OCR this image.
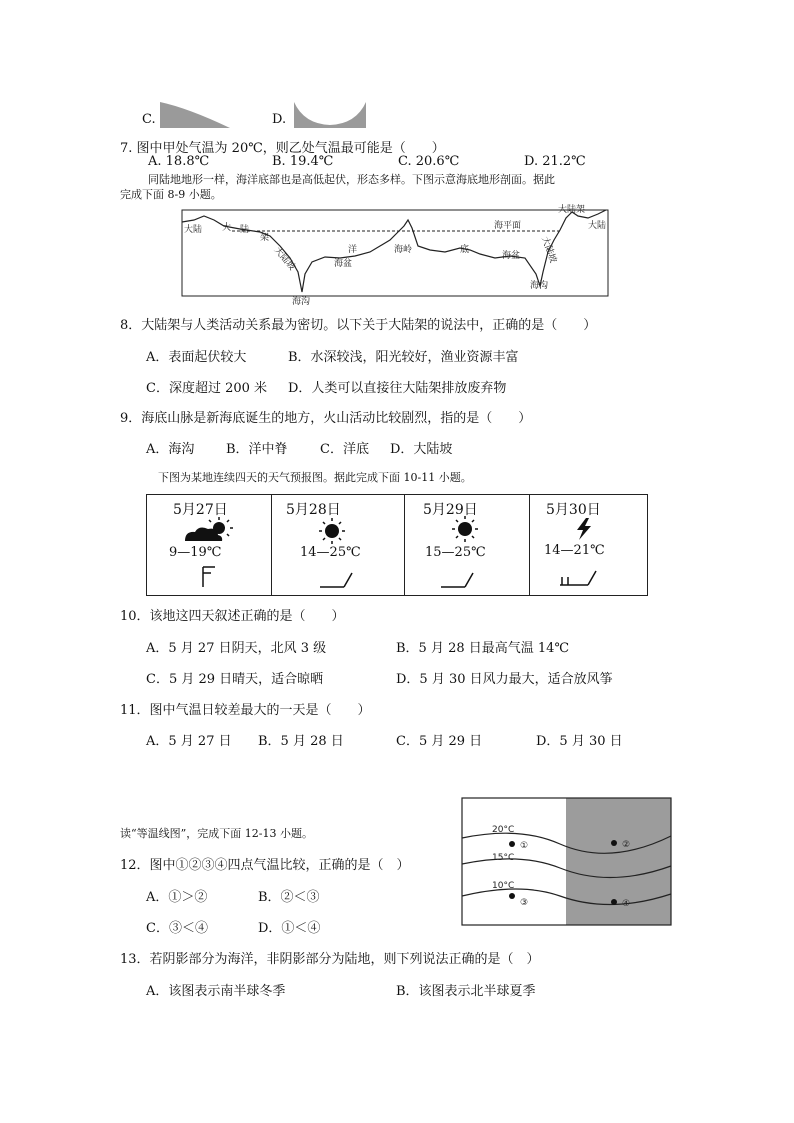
C.	D.
7. 图中甲处气温为 20℃，则乙处气温最可能是（　　）
A. 18.8℃	B. 19.4℃	C. 20.6℃	D. 21.2℃
同陆地地形一样，海洋底部也是高低起伏，形态多样。下图示意海底地形剖面。据此
完成下面 8-9 小题。
大陆 大 陆
架
大陆坡
海沟
洋
海盆
海岭	底
海平面
海盆
大陆架
大陆坡
大陆
海沟
8．大陆架与人类活动关系最为密切。以下关于大陆架的说法中，正确的是（　　）
A．表面起伏较大	B．水深较浅，阳光较好，渔业资源丰富
C．深度超过 200 米 D．人类可以直接往大陆架排放废弃物
9．海底山脉是新海底诞生的地方，火山活动比较剧烈，指的是（　　）
A．海沟 B．洋中脊 C．洋底 D．大陆坡
下图为某地连续四天的天气预报图。据此完成下面 10-11 小题。
5月27日
9—19℃
5月28日
14—25℃
5月29日
15—25℃
5月30日
14—21℃
10．该地这四天叙述正确的是（　　）
A．5 月 27 日阴天，北风 3 级	B．5 月 28 日最高气温 14℃
C．5 月 29 日晴天，适合晾晒	D．5 月 30 日风力最大，适合放风筝
11．图中气温日较差最大的一天是（　　）
A．5 月 27 日 B．5 月 28 日	C．5 月 29 日	D．5 月 30 日
20°C
15°C
10°C
①	②
③	④
读“等温线图”，完成下面 12-13 小题。
12．图中①②③④四点气温比较，正确的是（　）
A．①＞②	B．②＜③
C．③＜④	D．①＜④
13．若阴影部分为海洋，非阴影部分为陆地，则下列说法正确的是（　）
A．该图表示南半球冬季	B．该图表示北半球夏季
